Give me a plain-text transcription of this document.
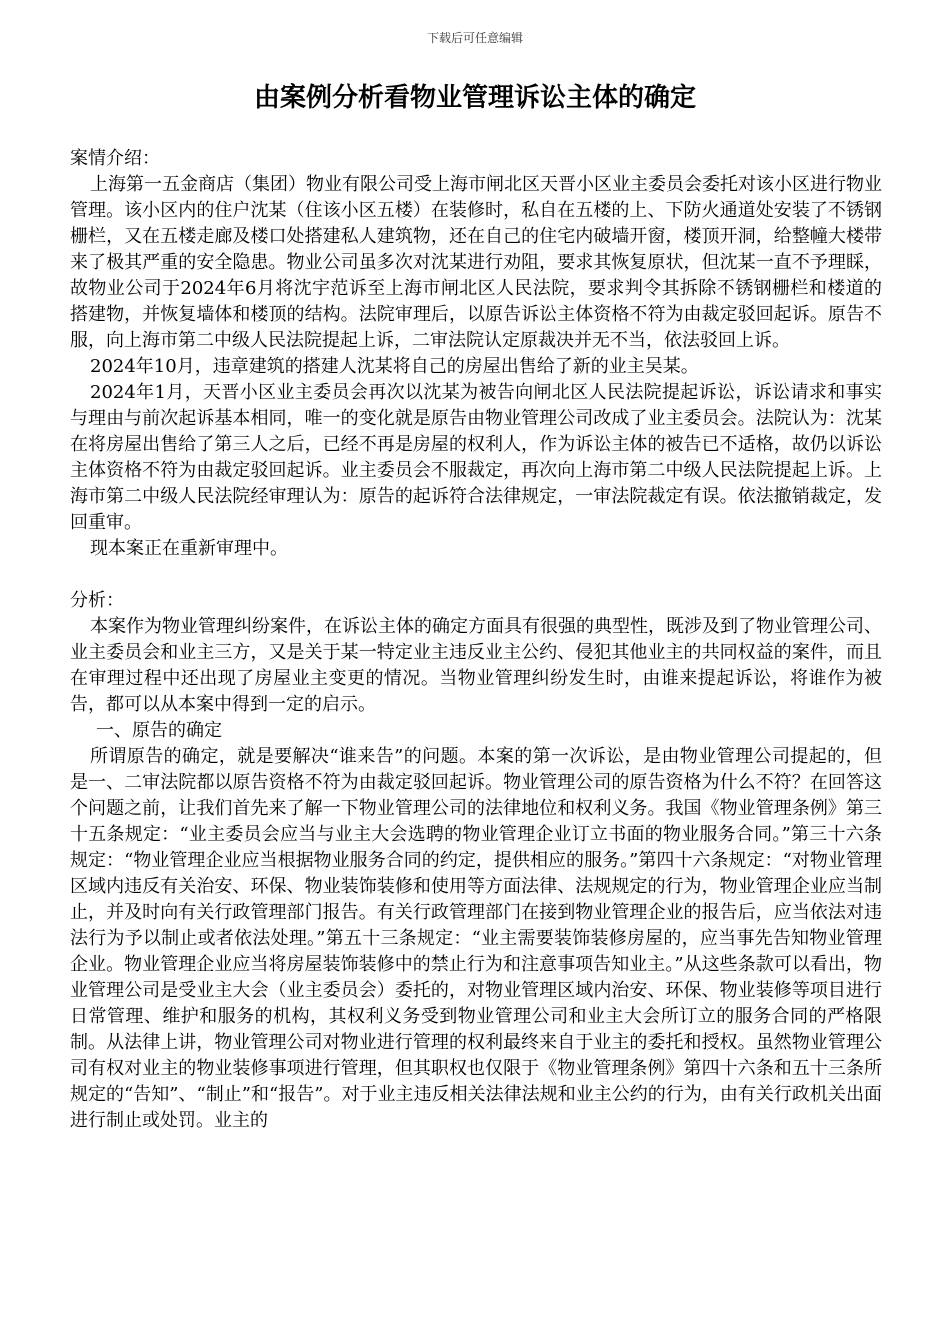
下载后可任意编辑
由案例分析看物业管理诉讼主体的确定

案情介绍：

上海第一五金商店（集团）物业有限公司受上海市闸北区天晋小区业主委员会委托对该小区进行物业管理。该小区内的住户沈某（住该小区五楼）在装修时，私自在五楼的上、下防火通道处安装了不锈钢栅栏，又在五楼走廊及楼口处搭建私人建筑物，还在自己的住宅内破墙开窗，楼顶开洞，给整幢大楼带来了极其严重的安全隐患。物业公司虽多次对沈某进行劝阻，要求其恢复原状，但沈某一直不予理睬，故物业公司于2024年6月将沈宇范诉至上海市闸北区人民法院，要求判令其拆除不锈钢栅栏和楼道的搭建物，并恢复墙体和楼顶的结构。法院审理后，以原告诉讼主体资格不符为由裁定驳回起诉。原告不服，向上海市第二中级人民法院提起上诉，二审法院认定原裁决并无不当，依法驳回上诉。

2024年10月，违章建筑的搭建人沈某将自己的房屋出售给了新的业主吴某。

2024年1月，天晋小区业主委员会再次以沈某为被告向闸北区人民法院提起诉讼，诉讼请求和事实与理由与前次起诉基本相同，唯一的变化就是原告由物业管理公司改成了业主委员会。法院认为：沈某在将房屋出售给了第三人之后，已经不再是房屋的权利人，作为诉讼主体的被告已不适格，故仍以诉讼主体资格不符为由裁定驳回起诉。业主委员会不服裁定，再次向上海市第二中级人民法院提起上诉。上海市第二中级人民法院经审理认为：原告的起诉符合法律规定，一审法院裁定有误。依法撤销裁定，发回重审。

现本案正在重新审理中。

分析：

本案作为物业管理纠纷案件，在诉讼主体的确定方面具有很强的典型性，既涉及到了物业管理公司、业主委员会和业主三方，又是关于某一特定业主违反业主公约、侵犯其他业主的共同权益的案件，而且在审理过程中还出现了房屋业主变更的情况。当物业管理纠纷发生时，由谁来提起诉讼，将谁作为被告，都可以从本案中得到一定的启示。

一、原告的确定

所谓原告的确定，就是要解决“谁来告”的问题。本案的第一次诉讼，是由物业管理公司提起的，但是一、二审法院都以原告资格不符为由裁定驳回起诉。物业管理公司的原告资格为什么不符？在回答这个问题之前，让我们首先来了解一下物业管理公司的法律地位和权利义务。我国《物业管理条例》第三十五条规定：“业主委员会应当与业主大会选聘的物业管理企业订立书面的物业服务合同。”第三十六条规定：“物业管理企业应当根据物业服务合同的约定，提供相应的服务。”第四十六条规定：“对物业管理区域内违反有关治安、环保、物业装饰装修和使用等方面法律、法规规定的行为，物业管理企业应当制止，并及时向有关行政管理部门报告。有关行政管理部门在接到物业管理企业的报告后，应当依法对违法行为予以制止或者依法处理。”第五十三条规定：“业主需要装饰装修房屋的，应当事先告知物业管理企业。物业管理企业应当将房屋装饰装修中的禁止行为和注意事项告知业主。”从这些条款可以看出，物业管理公司是受业主大会（业主委员会）委托的，对物业管理区域内治安、环保、物业装修等项目进行日常管理、维护和服务的机构，其权利义务受到物业管理公司和业主大会所订立的服务合同的严格限制。从法律上讲，物业管理公司对物业进行管理的权利最终来自于业主的委托和授权。虽然物业管理公司有权对业主的物业装修事项进行管理，但其职权也仅限于《物业管理条例》第四十六条和五十三条所规定的“告知”、“制止”和“报告”。对于业主违反相关法律法规和业主公约的行为，由有关行政机关出面进行制止或处罚。业主的
